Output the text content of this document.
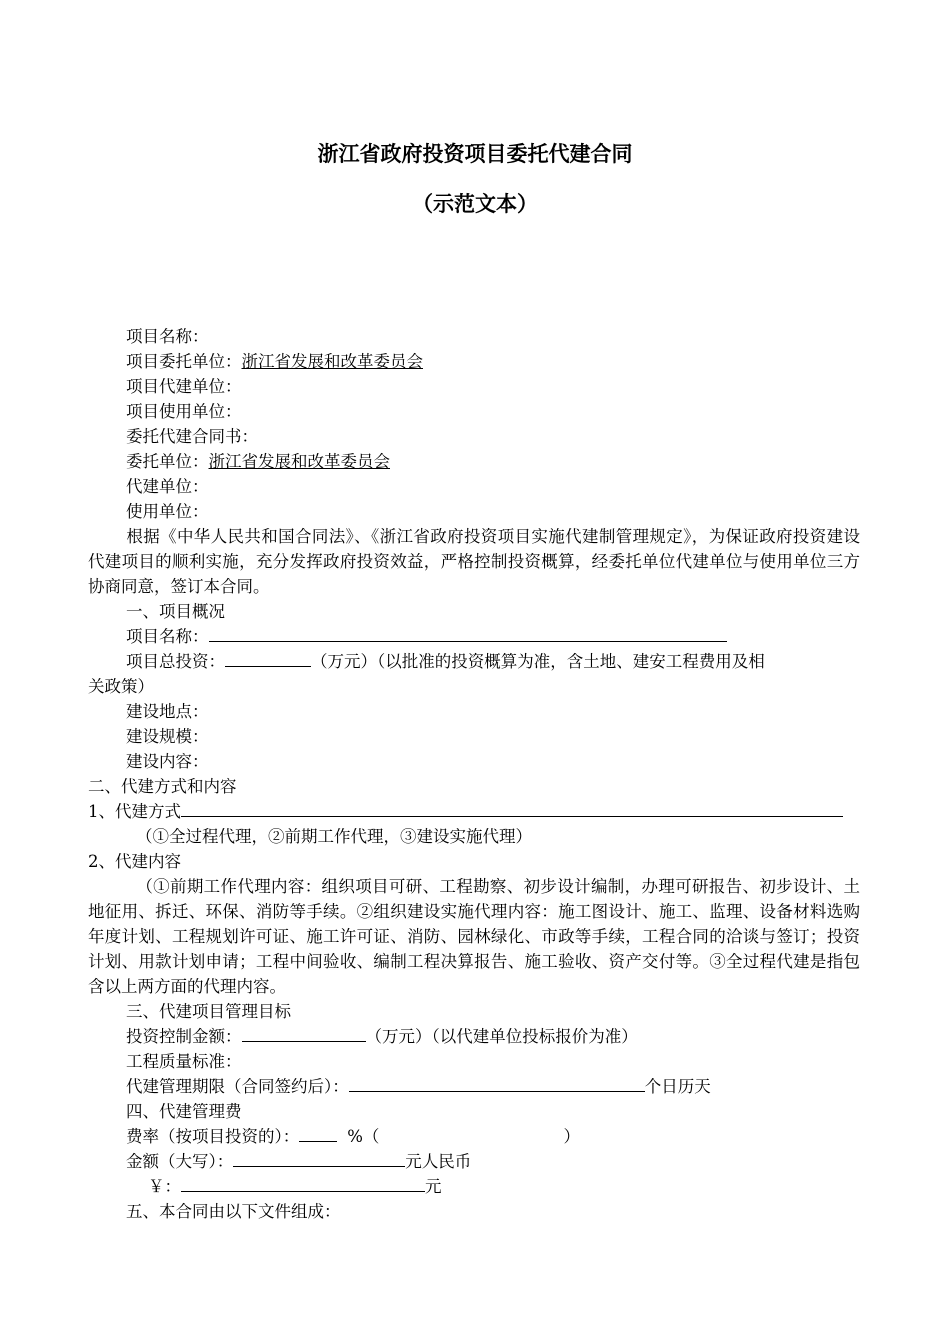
浙江省政府投资项目委托代建合同
（示范文本）
项目名称：
项目委托单位：浙江省发展和改革委员会
项目代建单位：
项目使用单位：
委托代建合同书：
委托单位：浙江省发展和改革委员会
代建单位：
使用单位：
根据《中华人民共和国合同法》、《浙江省政府投资项目实施代建制管理规定》，为保证政府投资建设代建项目的顺利实施，充分发挥政府投资效益，严格控制投资概算，经委托单位代建单位与使用单位三方协商同意，签订本合同。
一、项目概况
项目名称：
项目总投资：	（万元）（以批准的投资概算为准，含土地、建安工程费用及相
关政策）
建设地点：
建设规模：
建设内容：
二、代建方式和内容
1、代建方式
（①全过程代理，②前期工作代理，③建设实施代理）
2、代建内容
（①前期工作代理内容：组织项目可研、工程勘察、初步设计编制，办理可研报告、初步设计、土地征用、拆迁、环保、消防等手续。②组织建设实施代理内容：施工图设计、施工、监理、设备材料选购年度计划、工程规划许可证、施工许可证、消防、园林绿化、市政等手续，工程合同的洽谈与签订；投资计划、用款计划申请；工程中间验收、编制工程决算报告、施工验收、资产交付等。③全过程代建是指包含以上两方面的代理内容。
三、代建项目管理目标
投资控制金额：	（万元）（以代建单位投标报价为准）
工程质量标准：
代建管理期限（合同签约后）：	个日历天
四、代建管理费
费率（按项目投资的）：	%（	）
金额（大写）：	元人民币
￥：	元
五、本合同由以下文件组成：
